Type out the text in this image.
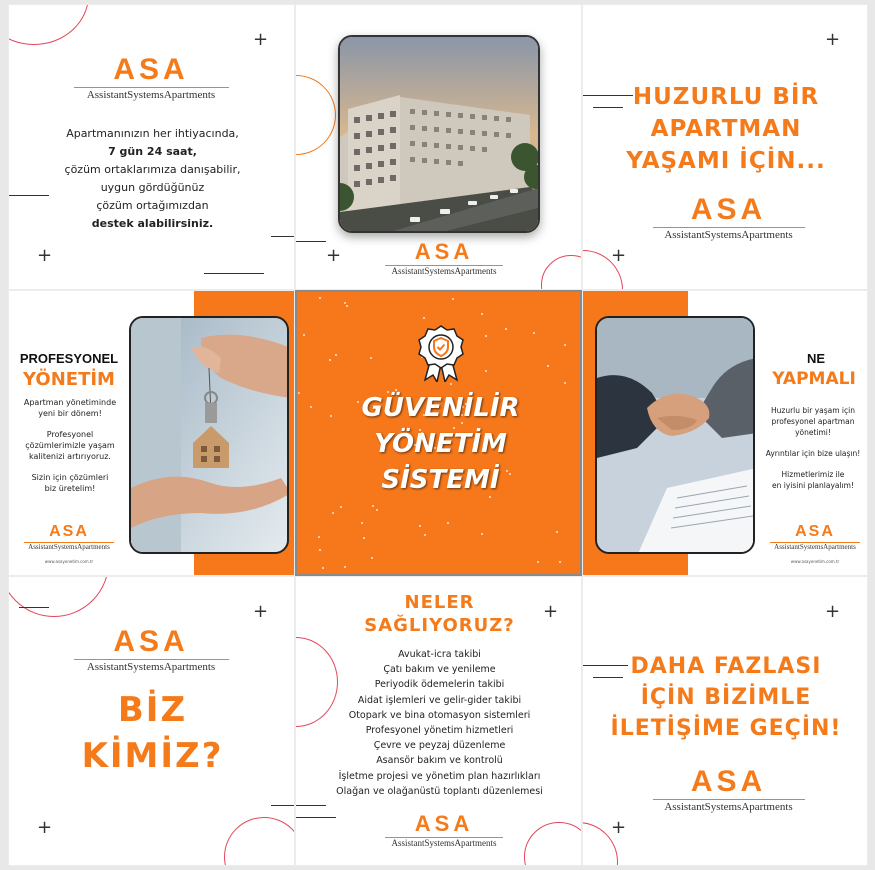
+
+
ASA
AssistantSystemsApartments
Apartmanınızın her ihtiyacında,
7 gün 24 saat,
çözüm ortaklarımıza danışabilir,
uygun gördüğünüz
çözüm ortağımızdan
destek alabilirsiniz.
+	ASA
AssistantSystemsApartments
+
+
HUZURLU BİR
APARTMAN
YAŞAMI İÇİN...
ASA
AssistantSystemsApartments
PROFESYONEL
YÖNETİM
Apartman yönetiminde
yeni bir dönem!
Profesyonel
çözümlerimizle yaşam
kalitenizi artırıyoruz.
Sizin için çözümleri
biz üretelim!
ASA
AssistantSystemsApartments
www.asayonetim.com.tr
GÜVENİLİR
YÖNETİM
SİSTEMİ
NE
YAPMALI
Huzurlu bir yaşam için
profesyonel apartman
yönetimi!
Ayrıntılar için bize ulaşın!
Hizmetlerimiz ile
en iyisini planlayalım!
ASA
AssistantSystemsApartments
www.asayonetim.com.tr
+
+
ASA
AssistantSystemsApartments
BİZ
KİMİZ?
+
NELER
SAĞLIYORUZ?
Avukat-icra takibi
Çatı bakım ve yenileme
Periyodik ödemelerin takibi
Aidat işlemleri ve gelir-gider takibi
Otopark ve bina otomasyon sistemleri
Profesyonel yönetim hizmetleri
Çevre ve peyzaj düzenleme
Asansör bakım ve kontrolü
İşletme projesi ve yönetim plan hazırlıkları
Olağan ve olağanüstü toplantı düzenlemesi
ASA
AssistantSystemsApartments
+
+
DAHA FAZLASI
İÇİN BİZİMLE
İLETİŞİME GEÇİN!
ASA
AssistantSystemsApartments
